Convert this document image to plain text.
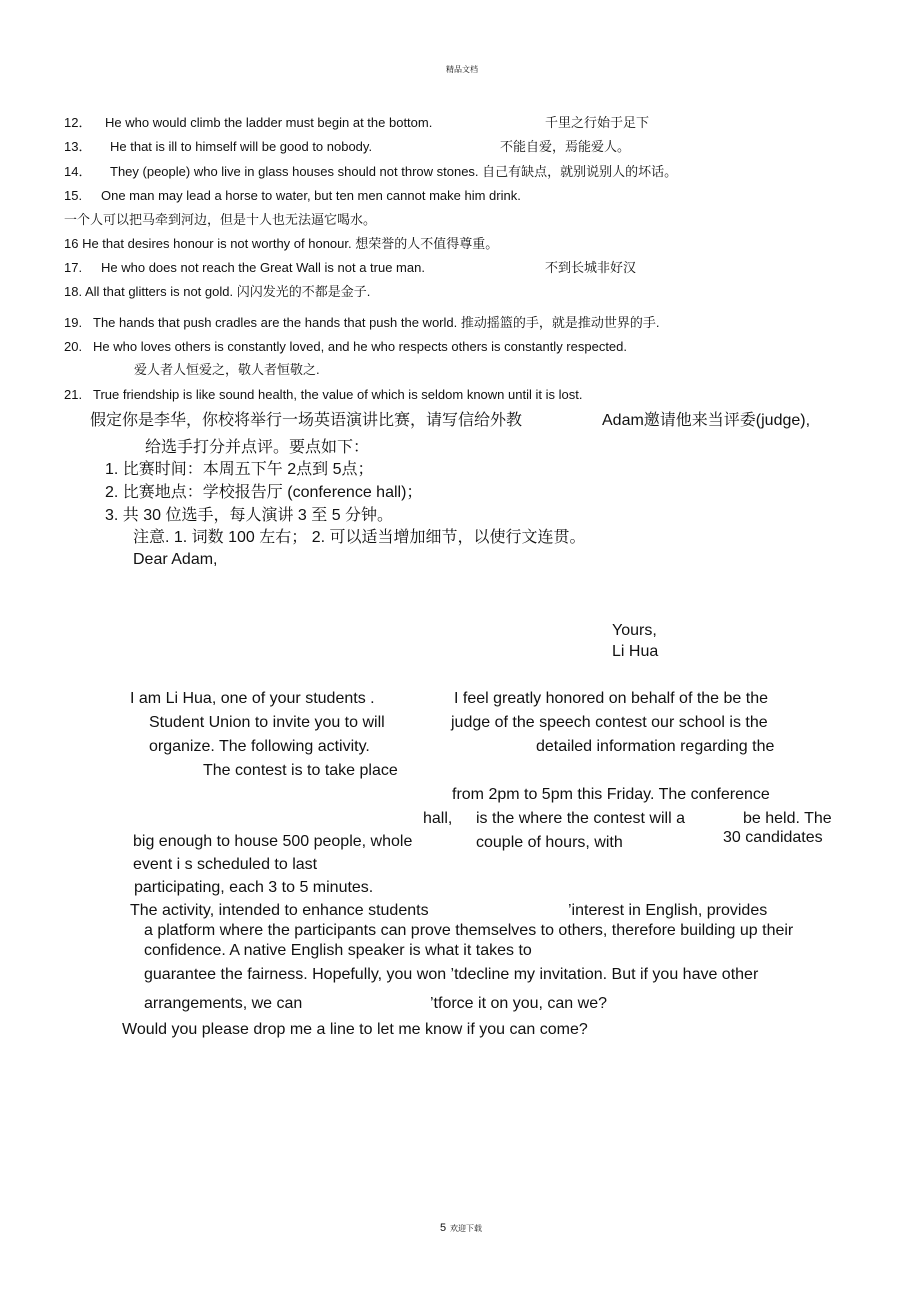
精品文档
12． He who would climb the ladder must begin at the bottom.	千里之行始于足下
13． He that is ill to himself will be good to nobody.	不能自爱，焉能爱人。
14． They (people) who live in glass houses should not throw stones. 自己有缺点，就别说别人的坏话。
15. One man may lead a horse to water, but ten men cannot make him drink.
一个人可以把马牵到河边，但是十人也无法逼它喝水。
16 He that desires honour is not worthy of honour. 想荣誉的人不值得尊重。
17. He who does not reach the Great Wall is not a true man.	不到长城非好汉
18. All that glitters is not gold. 闪闪发光的不都是金子.
19. The hands that push cradles are the hands that push the world. 推动摇篮的手，就是推动世界的手.
20. He who loves others is constantly loved, and he who respects others is constantly respected.
爱人者人恒爱之，敬人者恒敬之.
21. True friendship is like sound health, the value of which is seldom known until it is lost.
假定你是李华，你校将举行一场英语演讲比赛，请写信给外教	Adam邀请他来当评委(judge),
给选手打分并点评。要点如下：
1. 比赛时间：本周五下午 2点到 5点；
2. 比赛地点：学校报告厅 (conference hall)；
3. 共 30 位选手，每人演讲 3 至 5 分钟。
注意. 1. 词数 100 左右； 2. 可以适当增加细节，以使行文连贯。
Dear Adam,
Yours,
Li Hua
I am Li Hua, one of your students .	I feel greatly honored on behalf of the be the
Student Union to invite you to will	judge of the speech contest our school is the
organize. The following activity.	detailed information regarding the
The contest is to take place
from 2pm to 5pm this Friday. The conference
hall, is the where the contest will a	be held. The
big enough to house 500 people, whole	couple of hours, with	30 candidates
event i s scheduled to last
participating, each 3 to 5 minutes.
The activity, intended to enhance students	’interest in English, provides
a platform where the participants can prove themselves to others, therefore building up their
confidence. A native English speaker is what it takes to
guarantee the fairness. Hopefully, you won ’tdecline my invitation. But if you have other
arrangements, we can	’tforce it on you, can we?
Would you please drop me a line to let me know if you can come?
5 欢迎下载
